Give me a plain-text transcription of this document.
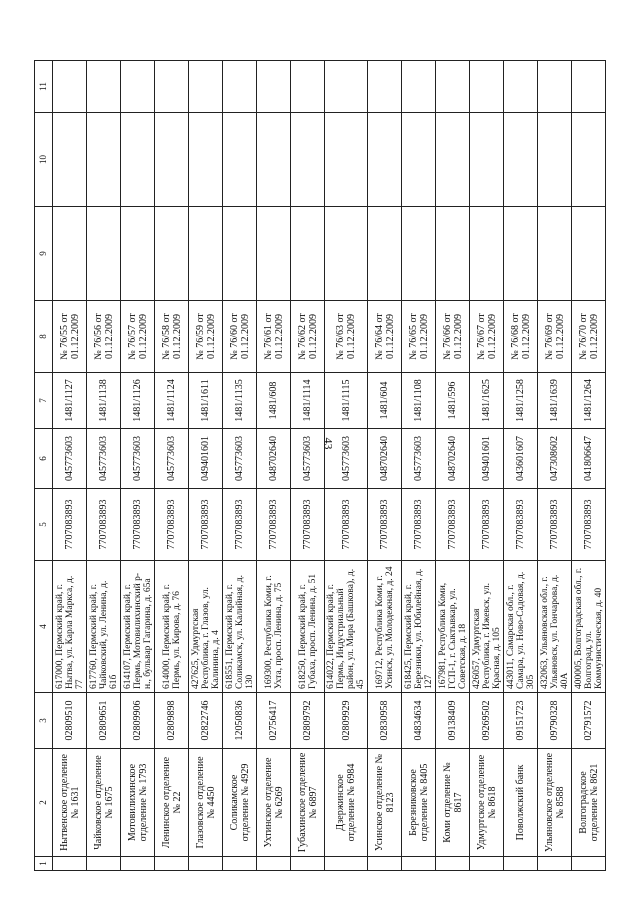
43
1	2	3	4	5	6	7	8	9	10	11
	Нытвенское отделение № 1631	02809510	617000, Пермский край, г. Нытва, ул. Карла Маркса, д. 77	7707083893	045773603	1481/1127	№ 76/55 от 01.12.2009			
	Чайковское отделение № 1675	02809651	617760, Пермский край, г. Чайковский, ул. Ленина, д. 61б	7707083893	045773603	1481/1138	№ 76/56 от 01.12.2009			
	Мотовилихинское отделение № 1793	02809906	614107, Пермский край, г. Пермь, Мотовилихинский р-н., бульвар Гагарина, д. 65а	7707083893	045773603	1481/1126	№ 76/57 от 01.12.2009			
	Ленинское отделение № 22	02809898	614000, Пермский край, г. Пермь, ул. Кирова, д. 76	7707083893	045773603	1481/1124	№ 76/58 от 01.12.2009			
	Глазовское отделение № 4450	02822746	427625, Удмуртская Республика, г. Глазов, ул. Калинина, д. 4	7707083893	049401601	1481/1611	№ 76/59 от 01.12.2009			
	Соликамское отделение № 4929	12050836	618551, Пермский край, г. Соликамск, ул. Калийная, д. 130	7707083893	045773603	1481/1135	№ 76/60 от 01.12.2009			
	Ухтинское отделение № 6269	02756417	169300, Республика Коми, г. Ухта, просп. Ленина, д. 75	7707083893	048702640	1481/608	№ 76/61 от 01.12.2009			
	Губахинское отделение № 6897	02809792	618250, Пермский край, г. Губаха, просп. Ленина, д. 51	7707083893	045773603	1481/1114	№ 76/62 от 01.12.2009			
	Дзержинское отделение № 6984	02809929	614022, Пермский край, г. Пермь, Индустриальный район, ул. Мира (Башкова), д. 45	7707083893	045773603	1481/1115	№ 76/63 от 01.12.2009			
	Усинское отделение № 8123	02830958	169712, Республика Коми, г. Усинск, ул. Молодежная, д. 24	7707083893	048702640	1481/604	№ 76/64 от 01.12.2009			
	Березниковское отделение № 8405	04834634	618425, Пермский край, г. Березники, ул. Юбилейная, д. 127	7707083893	045773603	1481/1108	№ 76/65 от 01.12.2009			
	Коми отделение № 8617	09138409	167981, Республика Коми, ГСП-1, г. Сыктывкар, ул. Советская, д. 18	7707083893	048702640	1481/596	№ 76/66 от 01.12.2009			
	Удмуртское отделение № 8618	09269502	426057, Удмуртская Республика, г. Ижевск, ул. Красная, д. 105	7707083893	049401601	1481/1625	№ 76/67 от 01.12.2009			
	Поволжский банк	09151723	443011, Самарская обл., г. Самара, ул. Ново-Садовая, д. 305	7707083893	043601607	1481/1258	№ 76/68 от 01.12.2009			
	Ульяновское отделение № 8588	09790328	432063, Ульяновская обл., г. Ульяновск, ул. Гончарова, д. 40А	7707083893	047308602	1481/1639	№ 76/69 от 01.12.2009			
	Волгоградское отделение № 8621	02791572	400005, Волгоградская обл., г. Волгоград, ул. Коммунистическая, д. 40	7707083893	041806647	1481/1264	№ 76/70 от 01.12.2009			
